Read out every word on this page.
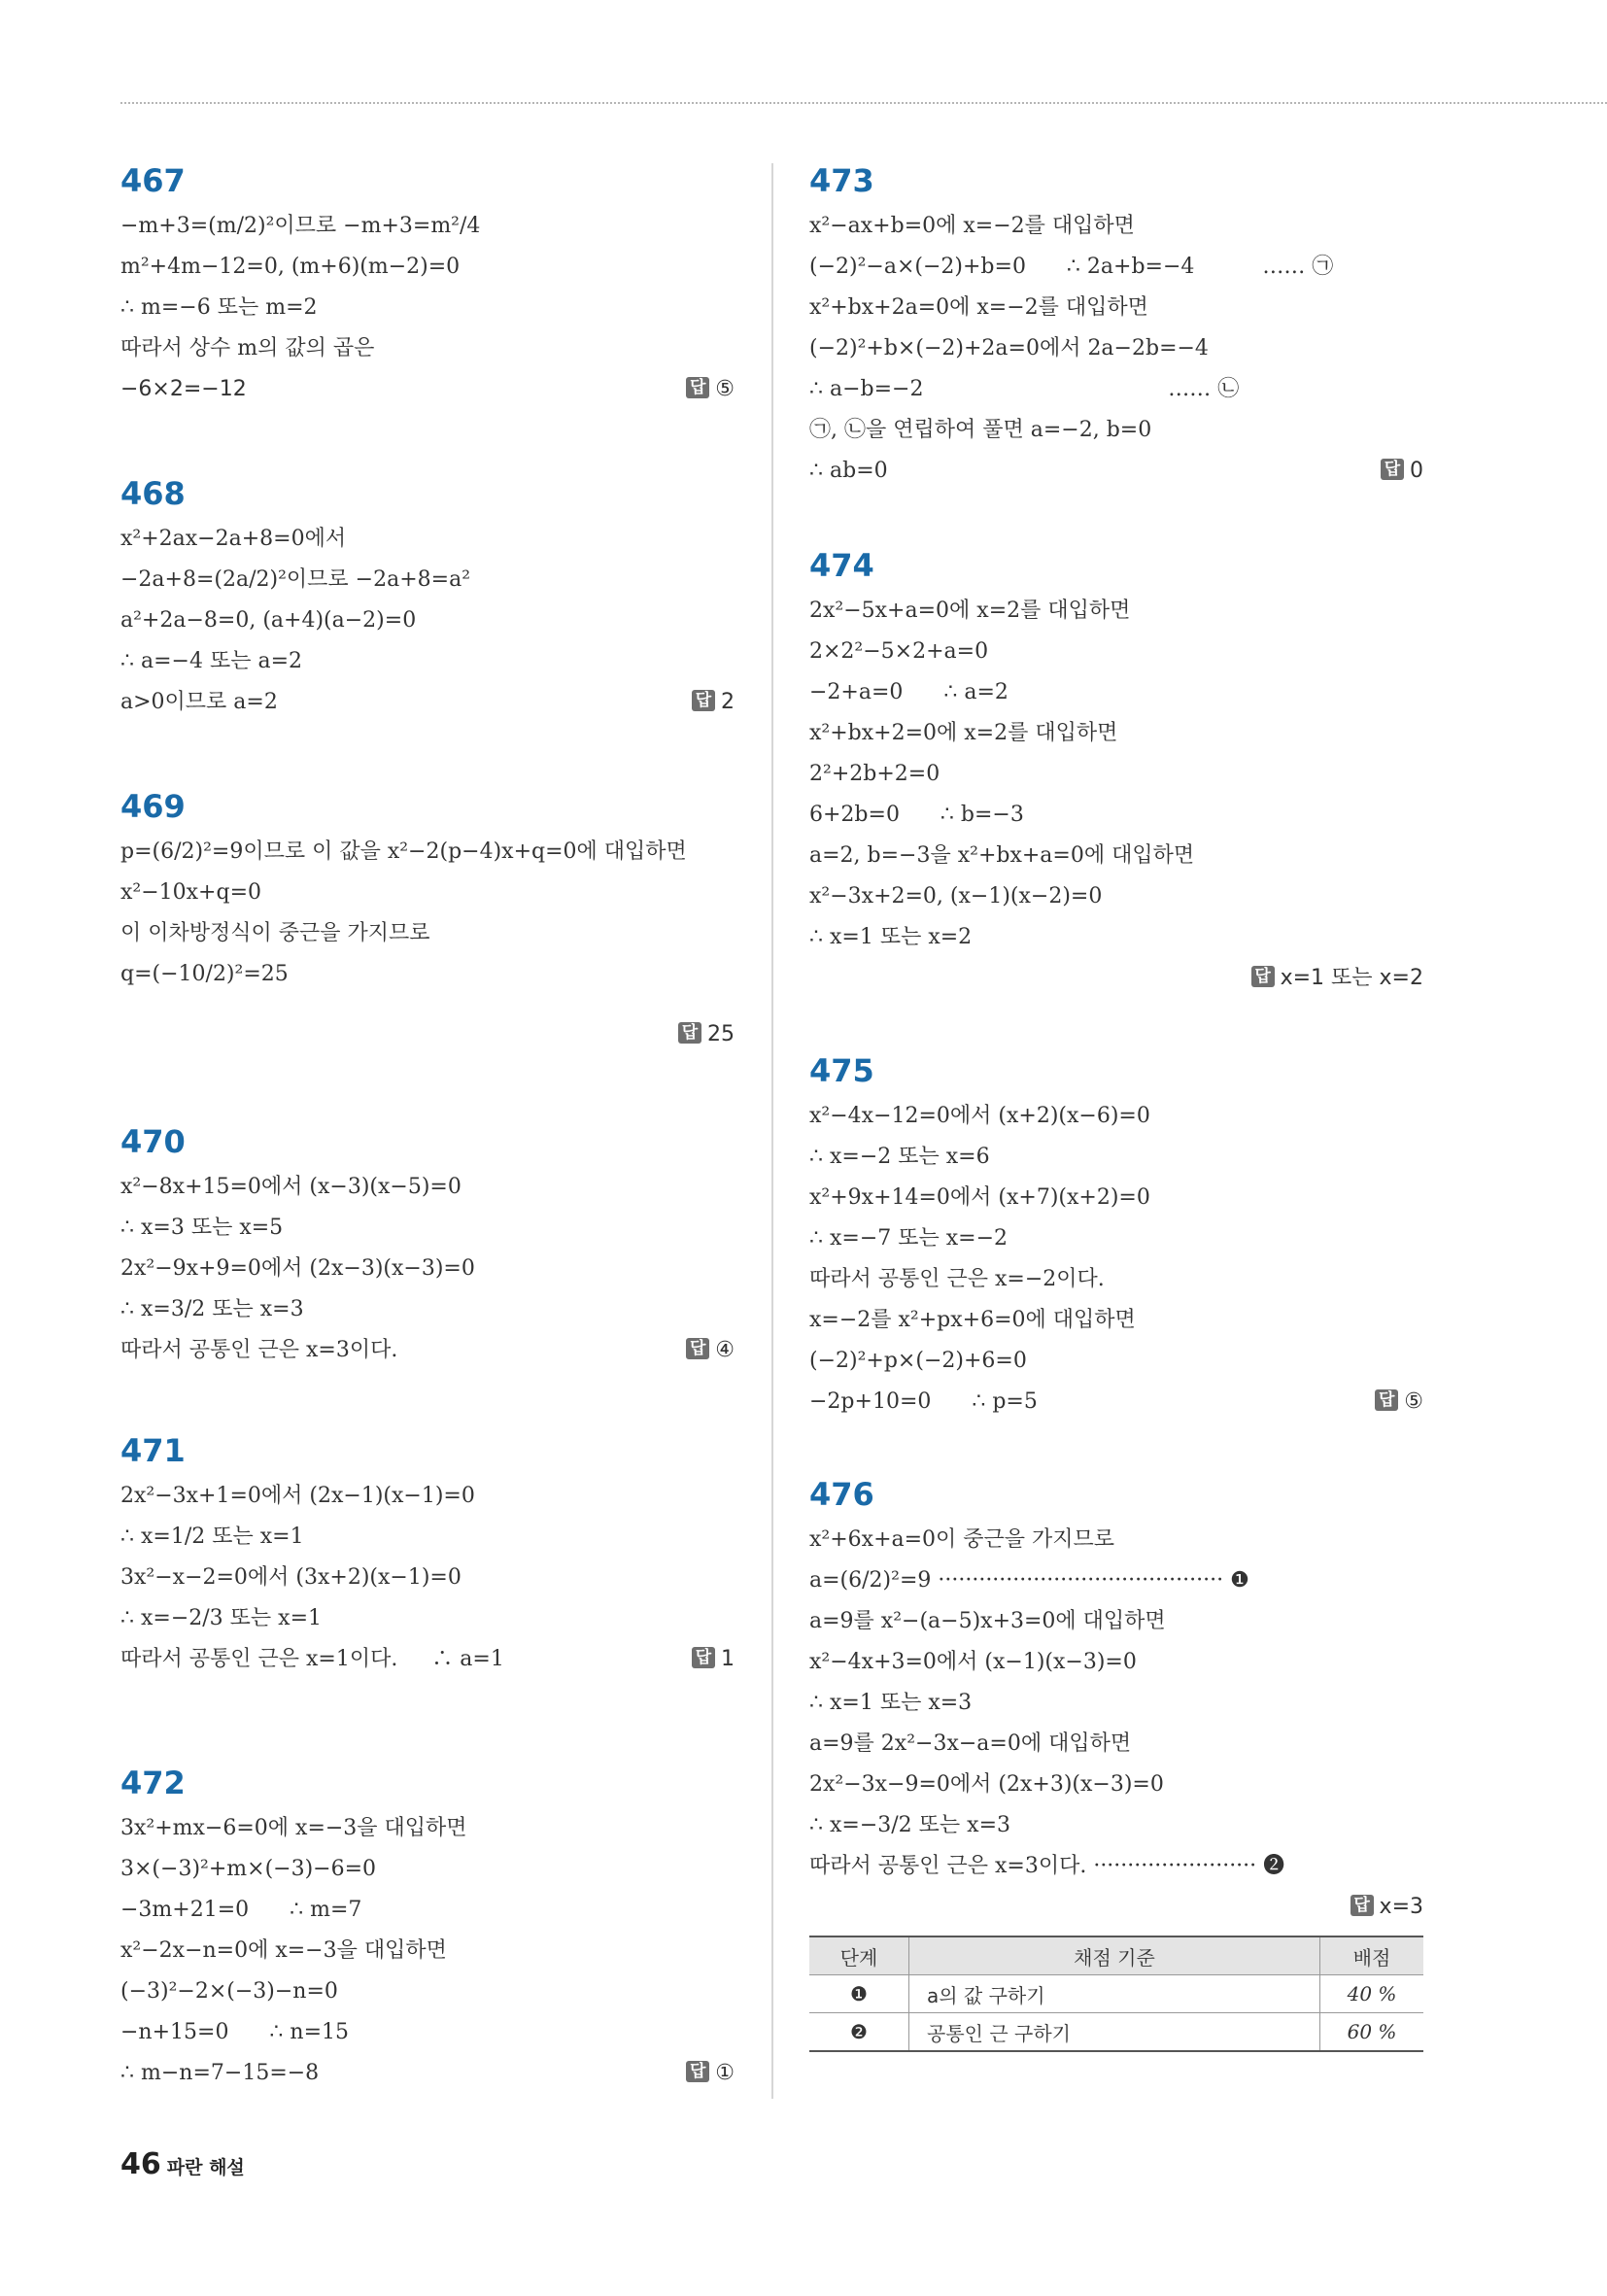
467
−m+3=(m/2)²이므로 −m+3=m²/4
m²+4m−12=0, (m+6)(m−2)=0
∴ m=−6 또는 m=2
따라서 상수 m의 값의 곱은
−6×2=−12	답 ⑤
468
x²+2ax−2a+8=0에서
−2a+8=(2a/2)²이므로 −2a+8=a²
a²+2a−8=0, (a+4)(a−2)=0
∴ a=−4 또는 a=2
a>0이므로 a=2	답 2
469
p=(6/2)²=9이므로 이 값을 x²−2(p−4)x+q=0에 대입하면
x²−10x+q=0
이 이차방정식이 중근을 가지므로
q=(−10/2)²=25
답 25
470
x²−8x+15=0에서 (x−3)(x−5)=0
∴ x=3 또는 x=5
2x²−9x+9=0에서 (2x−3)(x−3)=0
∴ x=3/2 또는 x=3
따라서 공통인 근은 x=3이다.	답 ④
471
2x²−3x+1=0에서 (2x−1)(x−1)=0
∴ x=1/2 또는 x=1
3x²−x−2=0에서 (3x+2)(x−1)=0
∴ x=−2/3 또는 x=1
따라서 공통인 근은 x=1이다.     ∴ a=1	답 1
472
3x²+mx−6=0에 x=−3을 대입하면
3×(−3)²+m×(−3)−6=0
−3m+21=0      ∴ m=7
x²−2x−n=0에 x=−3을 대입하면
(−3)²−2×(−3)−n=0
−n+15=0      ∴ n=15
∴ m−n=7−15=−8	답 ①
473
x²−ax+b=0에 x=−2를 대입하면
(−2)²−a×(−2)+b=0      ∴ 2a+b=−4          …… ㉠
x²+bx+2a=0에 x=−2를 대입하면
(−2)²+b×(−2)+2a=0에서 2a−2b=−4
∴ a−b=−2                                    …… ㉡
㉠, ㉡을 연립하여 풀면 a=−2, b=0
∴ ab=0	답 0
474
2x²−5x+a=0에 x=2를 대입하면
2×2²−5×2+a=0
−2+a=0      ∴ a=2
x²+bx+2=0에 x=2를 대입하면
2²+2b+2=0
6+2b=0      ∴ b=−3
a=2, b=−3을 x²+bx+a=0에 대입하면
x²−3x+2=0, (x−1)(x−2)=0
∴ x=1 또는 x=2
답 x=1 또는 x=2
475
x²−4x−12=0에서 (x+2)(x−6)=0
∴ x=−2 또는 x=6
x²+9x+14=0에서 (x+7)(x+2)=0
∴ x=−7 또는 x=−2
따라서 공통인 근은 x=−2이다.
x=−2를 x²+px+6=0에 대입하면
(−2)²+p×(−2)+6=0
−2p+10=0      ∴ p=5	답 ⑤
476
x²+6x+a=0이 중근을 가지므로
a=(6/2)²=9 ·········································· ❶
a=9를 x²−(a−5)x+3=0에 대입하면
x²−4x+3=0에서 (x−1)(x−3)=0
∴ x=1 또는 x=3
a=9를 2x²−3x−a=0에 대입하면
2x²−3x−9=0에서 (2x+3)(x−3)=0
∴ x=−3/2 또는 x=3
따라서 공통인 근은 x=3이다. ························ ❷
답 x=3
단계	채점 기준	배점
❶	a의 값 구하기	40 %
❷	공통인 근 구하기	60 %
46 파란 해설
